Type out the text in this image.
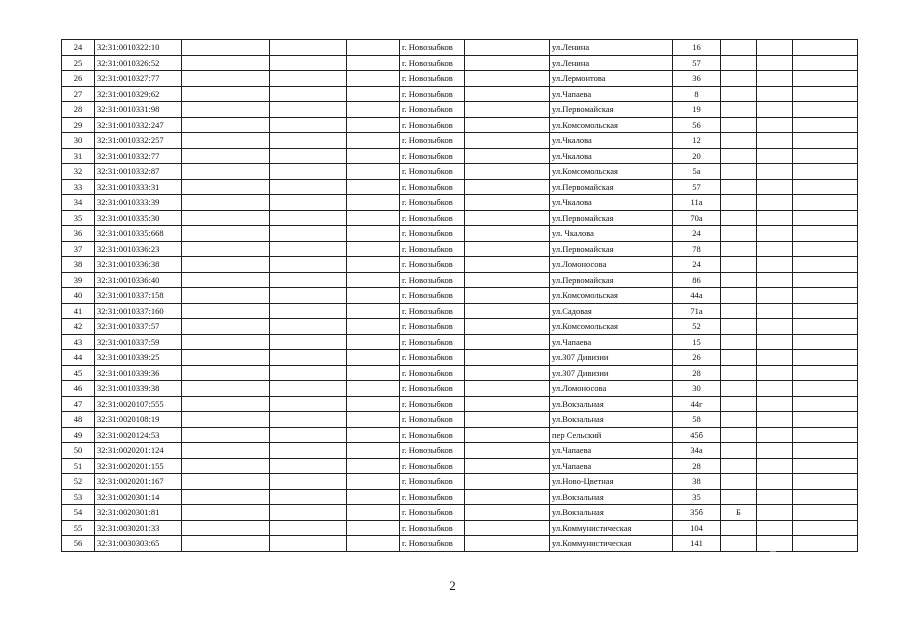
24	32:31:0010322:10				г. Новозыбков		ул.Ленина	16			
25	32:31:0010326:52				г. Новозыбков		ул.Ленина	57			
26	32:31:0010327:77				г. Новозыбков		ул.Лермонтова	36			
27	32:31:0010329:62				г. Новозыбков		ул.Чапаева	8			
28	32:31:0010331:98				г. Новозыбков		ул.Первомайская	19			
29	32:31:0010332:247				г. Новозыбков		ул.Комсомольская	56			
30	32:31:0010332:257				г. Новозыбков		ул.Чкалова	12			
31	32:31:0010332:77				г. Новозыбков		ул.Чкалова	20			
32	32:31:0010332:87				г. Новозыбков		ул.Комсомольская	5а			
33	32:31:0010333:31				г. Новозыбков		ул.Первомайская	57			
34	32:31:0010333:39				г. Новозыбков		ул.Чкалова	11а			
35	32:31:0010335:30				г. Новозыбков		ул.Первомайская	70а			
36	32:31:0010335:668				г. Новозыбков		ул. Чкалова	24			
37	32:31:0010336:23				г. Новозыбков		ул.Первомайская	78			
38	32:31:0010336:38				г. Новозыбков		ул.Ломоносова	24			
39	32:31:0010336:40				г. Новозыбков		ул.Первомайская	86			
40	32:31:0010337:158				г. Новозыбков		ул.Комсомольская	44а			
41	32:31:0010337:160				г. Новозыбков		ул.Садовая	71а			
42	32:31:0010337:57				г. Новозыбков		ул.Комсомольская	52			
43	32:31:0010337:59				г. Новозыбков		ул.Чапаева	15			
44	32:31:0010339:25				г. Новозыбков		ул.307 Дивизии	26			
45	32:31:0010339:36				г. Новозыбков		ул.307 Дивизии	28			
46	32:31:0010339:38				г. Новозыбков		ул.Ломоносова	30			
47	32:31:0020107:555				г. Новозыбков		ул.Вокзальная	44г			
48	32:31:0020108:19				г. Новозыбков		ул.Вокзальная	58			
49	32:31:0020124:53				г. Новозыбков		пер Сельский	45б			
50	32:31:0020201:124				г. Новозыбков		ул.Чапаева	34а			
51	32:31:0020201:155				г. Новозыбков		ул.Чапаева	28			
52	32:31:0020201:167				г. Новозыбков		ул.Ново-Цветная	38			
53	32:31:0020301:14				г. Новозыбков		ул.Вокзальная	35			
54	32:31:0020301:81				г. Новозыбков		ул.Вокзальная	35б	Б		
55	32:31:0030201:33				г. Новозыбков		ул.Коммунистическая	104			
56	32:31:0030303:65				г. Новозыбков		ул.Коммунистическая	141			
2
